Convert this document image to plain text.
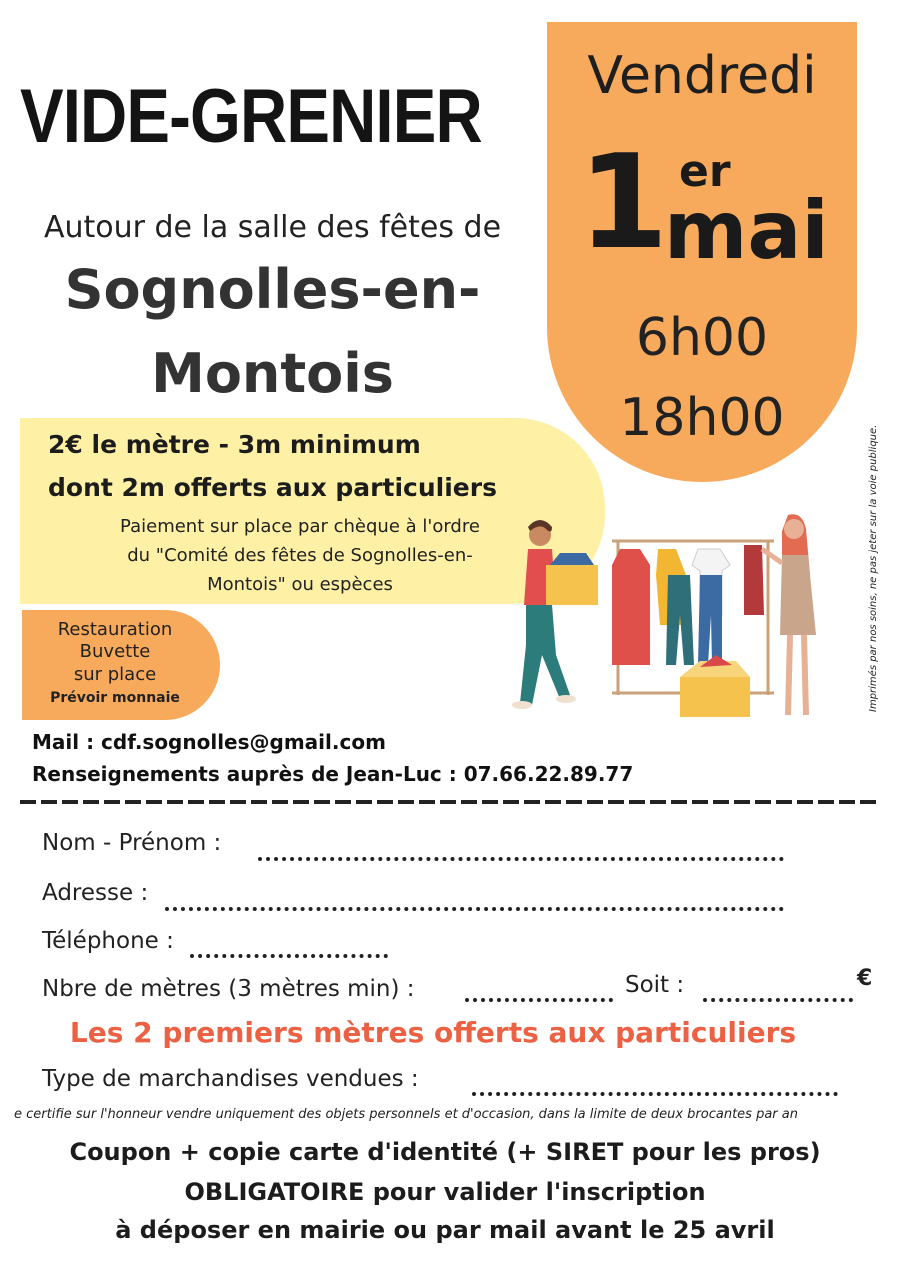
VIDE-GRENIER	Vendredi
1 er
mai
6h00
18h00
Autour de la salle des fêtes de
Sognolles-en-
Montois
2€ le mètre - 3m minimum
dont 2m offerts aux particuliers
Paiement sur place par chèque à l'ordre
du "Comité des fêtes de Sognolles-en-
Montois" ou espèces
Restauration
Buvette
sur place
Prévoir monnaie	Imprimés par nos soins, ne pas jeter sur la voie publique.
Mail : cdf.sognolles@gmail.com
Renseignements auprès de Jean-Luc : 07.66.22.89.77
Nom - Prénom :
Adresse :
Téléphone :
Nbre de mètres (3 mètres min) :	Soit :	€
Les 2 premiers mètres offerts aux particuliers
Type de marchandises vendues :
e certifie sur l'honneur vendre uniquement des objets personnels et d'occasion, dans la limite de deux brocantes par an
Coupon + copie carte d'identité (+ SIRET pour les pros)
OBLIGATOIRE pour valider l'inscription
à déposer en mairie ou par mail avant le 25 avril
